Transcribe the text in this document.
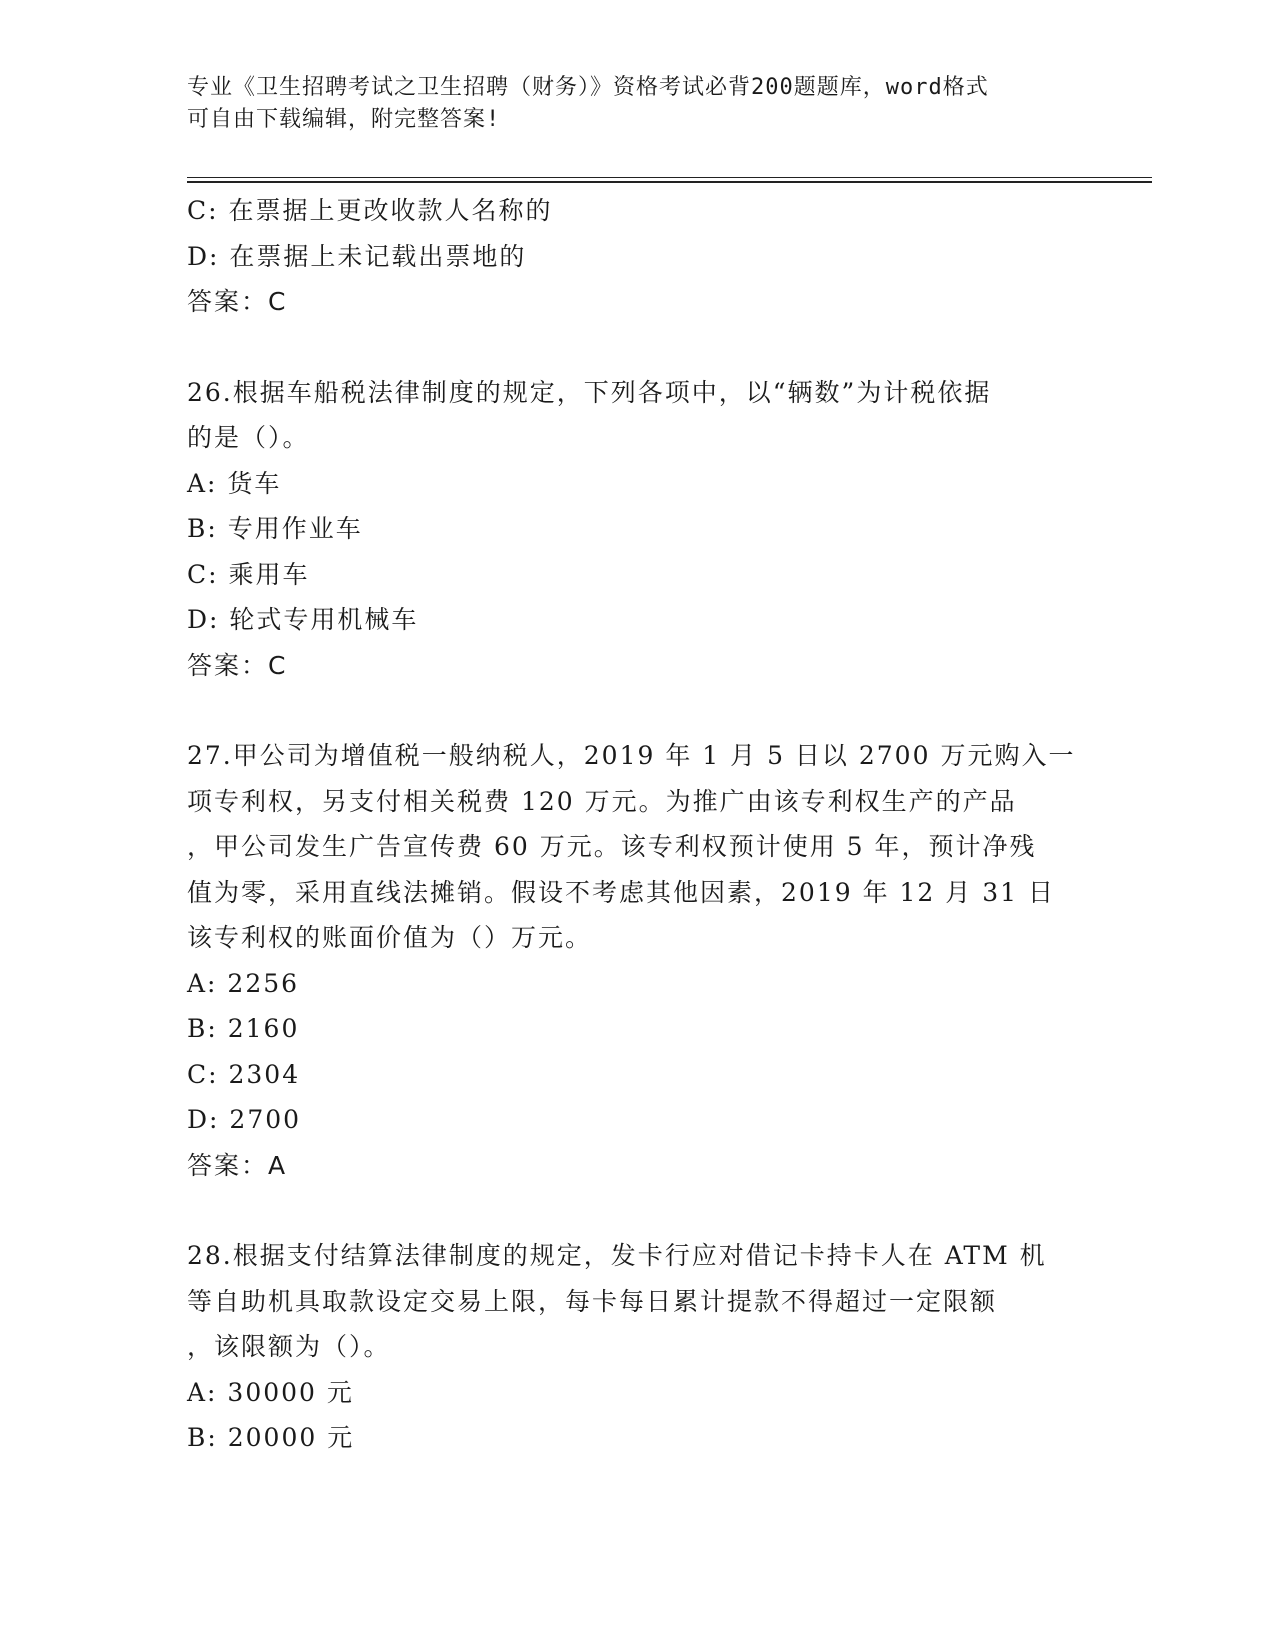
专业《卫生招聘考试之卫生招聘（财务）》资格考试必背200题题库，word格式

可自由下载编辑，附完整答案!

C: 在票据上更改收款人名称的
D: 在票据上未记载出票地的
答案：C
26.根据车船税法律制度的规定，下列各项中，以“辆数”为计税依据
的是（）。
A: 货车
B: 专用作业车
C: 乘用车
D: 轮式专用机械车
答案：C
27.甲公司为增值税一般纳税人，2019 年 1 月 5 日以 2700 万元购入一
项专利权，另支付相关税费 120 万元。为推广由该专利权生产的产品
，甲公司发生广告宣传费 60 万元。该专利权预计使用 5 年，预计净残
值为零，采用直线法摊销。假设不考虑其他因素，2019 年 12 月 31 日
该专利权的账面价值为（）万元。
A: 2256
B: 2160
C: 2304
D: 2700
答案：A
28.根据支付结算法律制度的规定，发卡行应对借记卡持卡人在 ATM 机
等自助机具取款设定交易上限，每卡每日累计提款不得超过一定限额
，该限额为（）。
A: 30000 元
B: 20000 元
